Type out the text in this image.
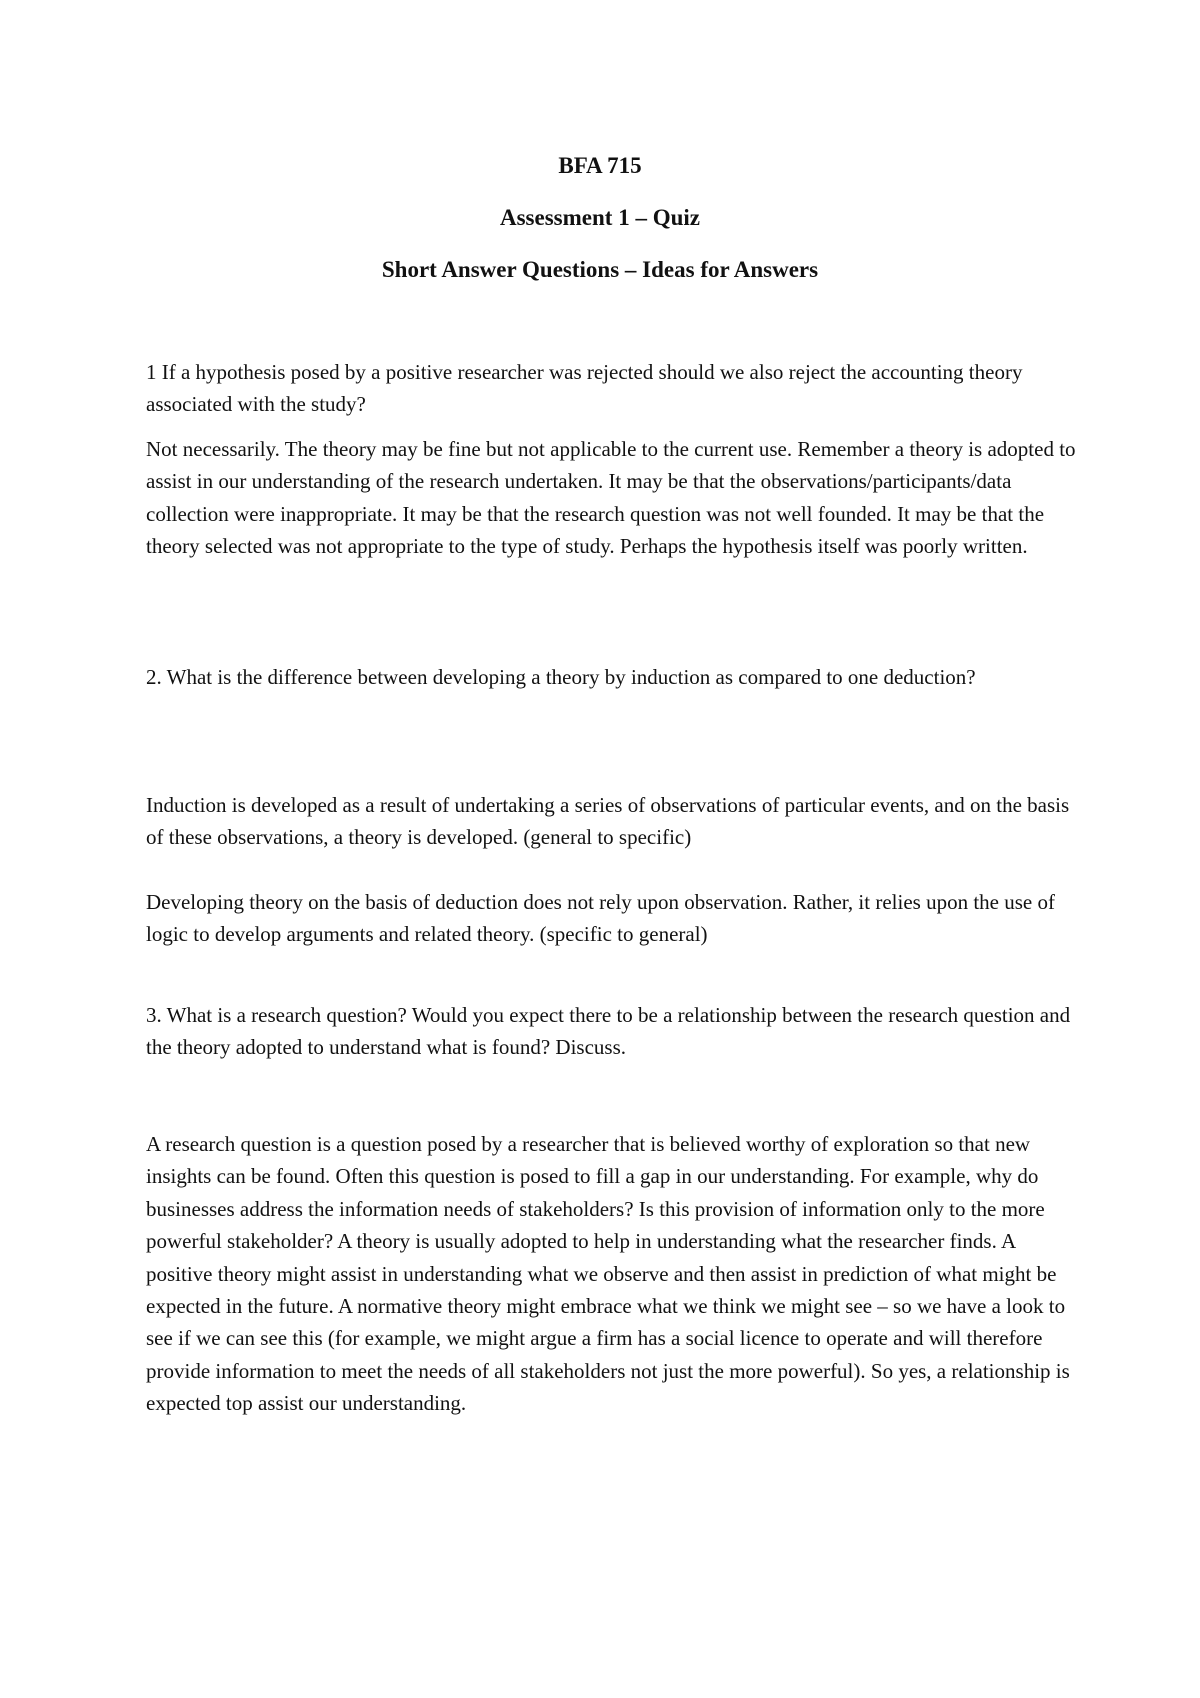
BFA 715
Assessment 1 – Quiz
Short Answer Questions – Ideas for Answers

1 If a hypothesis posed by a positive researcher was rejected should we also reject the accounting theory associated with the study?

Not necessarily. The theory may be fine but not applicable to the current use. Remember a theory is adopted to assist in our understanding of the research undertaken. It may be that the observations/participants/data collection were inappropriate. It may be that the research question was not well founded. It may be that the theory selected was not appropriate to the type of study. Perhaps the hypothesis itself was poorly written.

2. What is the difference between developing a theory by induction as compared to one deduction?

Induction is developed as a result of undertaking a series of observations of particular events, and on the basis of these observations, a theory is developed. (general to specific)

Developing theory on the basis of deduction does not rely upon observation. Rather, it relies upon the use of logic to develop arguments and related theory. (specific to general)

3. What is a research question? Would you expect there to be a relationship between the research question and the theory adopted to understand what is found? Discuss.

A research question is a question posed by a researcher that is believed worthy of exploration so that new insights can be found. Often this question is posed to fill a gap in our understanding. For example, why do businesses address the information needs of stakeholders? Is this provision of information only to the more powerful stakeholder? A theory is usually adopted to help in understanding what the researcher finds. A positive theory might assist in understanding what we observe and then assist in prediction of what might be expected in the future. A normative theory might embrace what we think we might see – so we have a look to see if we can see this (for example, we might argue a firm has a social licence to operate and will therefore provide information to meet the needs of all stakeholders not just the more powerful). So yes, a relationship is expected top assist our understanding.
